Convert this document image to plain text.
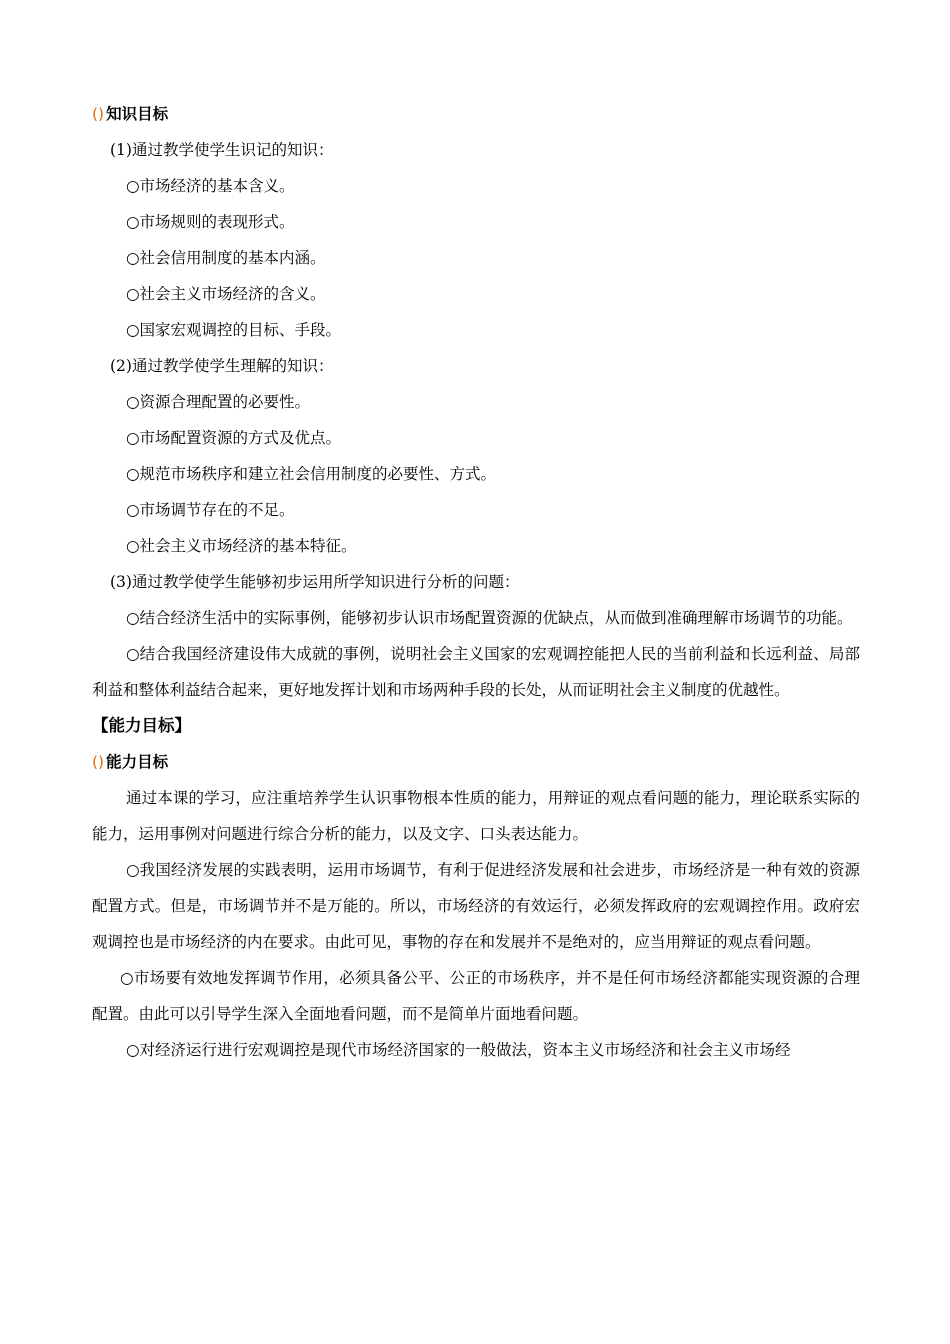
() 知识目标
(1)通过教学使学生识记的知识：
○市场经济的基本含义。
○市场规则的表现形式。
○社会信用制度的基本内涵。
○社会主义市场经济的含义。
○国家宏观调控的目标、手段。
(2)通过教学使学生理解的知识：
○资源合理配置的必要性。
○市场配置资源的方式及优点。
○规范市场秩序和建立社会信用制度的必要性、方式。
○市场调节存在的不足。
○社会主义市场经济的基本特征。
(3)通过教学使学生能够初步运用所学知识进行分析的问题：

○结合经济生活中的实际事例，能够初步认识市场配置资源的优缺点，从而做到准确理解市场调节的功能。

○结合我国经济建设伟大成就的事例，说明社会主义国家的宏观调控能把人民的当前利益和长远利益、局部利益和整体利益结合起来，更好地发挥计划和市场两种手段的长处，从而证明社会主义制度的优越性。

【能力目标】
() 能力目标

通过本课的学习，应注重培养学生认识事物根本性质的能力，用辩证的观点看问题的能力，理论联系实际的能力，运用事例对问题进行综合分析的能力，以及文字、口头表达能力。

○我国经济发展的实践表明，运用市场调节，有利于促进经济发展和社会进步，市场经济是一种有效的资源配置方式。但是，市场调节并不是万能的。所以，市场经济的有效运行，必须发挥政府的宏观调控作用。政府宏观调控也是市场经济的内在要求。由此可见，事物的存在和发展并不是绝对的，应当用辩证的观点看问题。

○市场要有效地发挥调节作用，必须具备公平、公正的市场秩序，并不是任何市场经济都能实现资源的合理配置。由此可以引导学生深入全面地看问题，而不是简单片面地看问题。

○对经济运行进行宏观调控是现代市场经济国家的一般做法，资本主义市场经济和社会主义市场经
